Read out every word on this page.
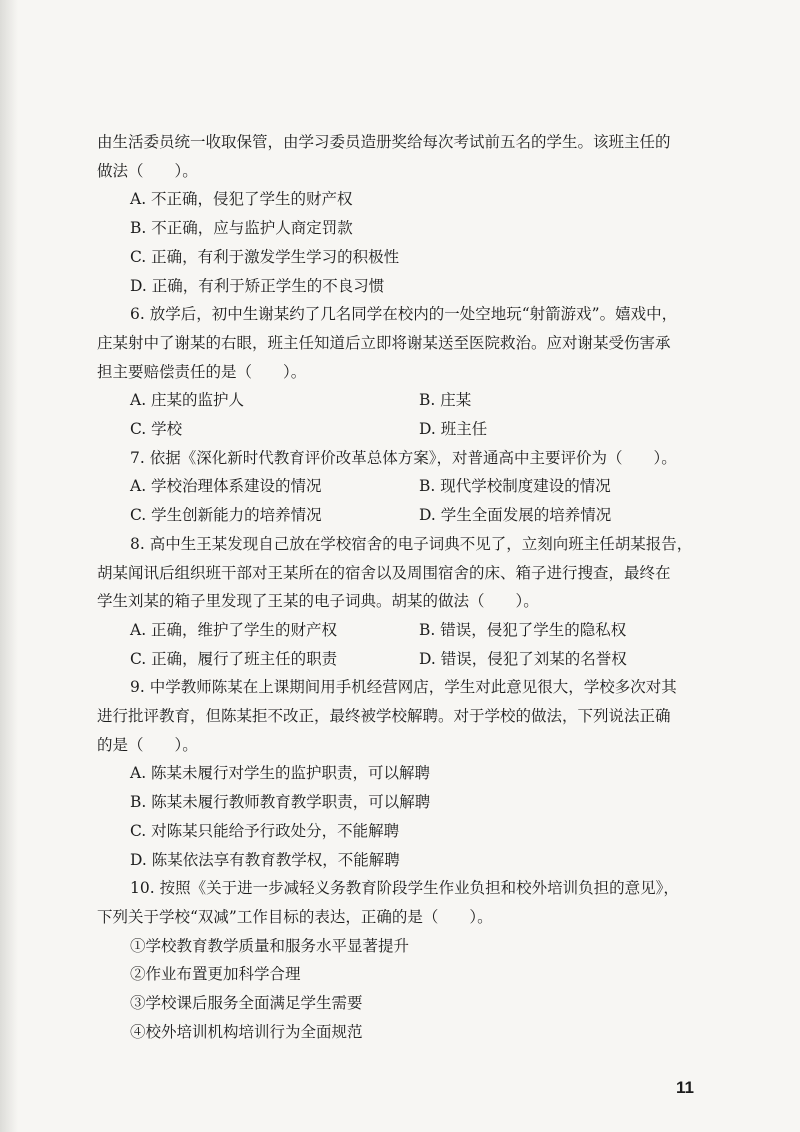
由生活委员统一收取保管，由学习委员造册奖给每次考试前五名的学生。该班主任的
做法（　　）。
A. 不正确，侵犯了学生的财产权
B. 不正确，应与监护人商定罚款
C. 正确，有利于激发学生学习的积极性
D. 正确，有利于矫正学生的不良习惯
6. 放学后，初中生谢某约了几名同学在校内的一处空地玩“射箭游戏”。嬉戏中，
庄某射中了谢某的右眼，班主任知道后立即将谢某送至医院救治。应对谢某受伤害承
担主要赔偿责任的是（　　）。
A. 庄某的监护人	B. 庄某
C. 学校	D. 班主任
7. 依据《深化新时代教育评价改革总体方案》，对普通高中主要评价为（　　）。
A. 学校治理体系建设的情况	B. 现代学校制度建设的情况
C. 学生创新能力的培养情况	D. 学生全面发展的培养情况
8. 高中生王某发现自己放在学校宿舍的电子词典不见了，立刻向班主任胡某报告，
胡某闻讯后组织班干部对王某所在的宿舍以及周围宿舍的床、箱子进行搜查，最终在
学生刘某的箱子里发现了王某的电子词典。胡某的做法（　　）。
A. 正确，维护了学生的财产权	B. 错误，侵犯了学生的隐私权
C. 正确，履行了班主任的职责	D. 错误，侵犯了刘某的名誉权
9. 中学教师陈某在上课期间用手机经营网店，学生对此意见很大，学校多次对其
进行批评教育，但陈某拒不改正，最终被学校解聘。对于学校的做法，下列说法正确
的是（　　）。
A. 陈某未履行对学生的监护职责，可以解聘
B. 陈某未履行教师教育教学职责，可以解聘
C. 对陈某只能给予行政处分，不能解聘
D. 陈某依法享有教育教学权，不能解聘
10. 按照《关于进一步减轻义务教育阶段学生作业负担和校外培训负担的意见》，
下列关于学校“双减”工作目标的表达，正确的是（　　）。
①学校教育教学质量和服务水平显著提升
②作业布置更加科学合理
③学校课后服务全面满足学生需要
④校外培训机构培训行为全面规范
11
